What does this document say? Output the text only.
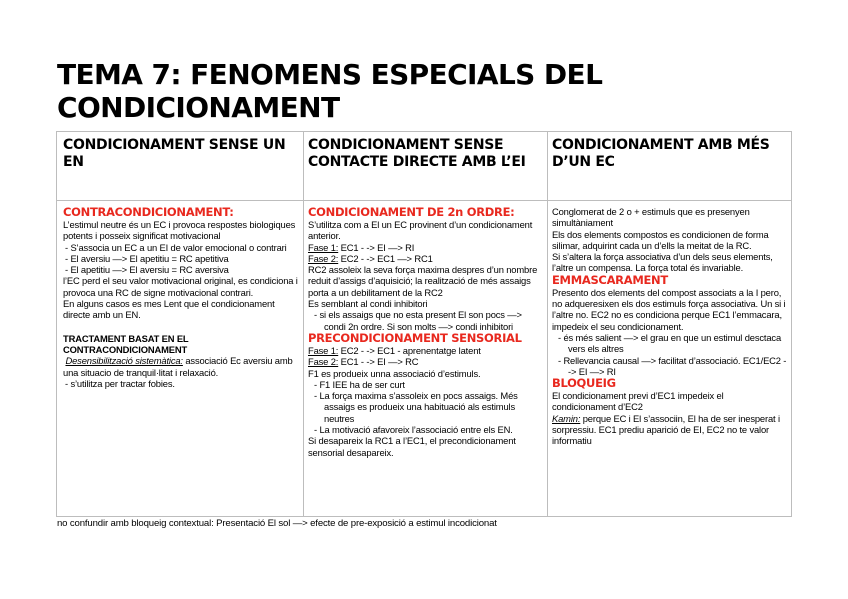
TEMA 7: FENOMENS ESPECIALS DEL CONDICIONAMENT
CONDICIONAMENT SENSE UN EN
CONDICIONAMENT SENSE CONTACTE DIRECTE AMB L’EI
CONDICIONAMENT AMB MÉS D’UN EC

CONTRACONDICIONAMENT:

L’estimul neutre és un EC i provoca respostes biologiques potents i posseix significat motivacional

- S’associa un EC a un EI de valor emocional o contrari

- El aversiu —> El apetitiu = RC apetitiva

- El apetitiu —> El aversiu = RC aversiva

l’EC perd el seu valor motivacional original, es condiciona i provoca una RC de signe motivacional contrari.

En alguns casos es mes Lent que el condicionament directe amb un EN.

TRACTAMENT BASAT EN EL CONTRACONDICIONAMENT

Desensibilització sistemàtica: associació Ec aversiu amb una situacio de tranquil·litat i relaxació.

- s’utilitza per tractar fobies.

CONDICIONAMENT DE 2n ORDRE:

S’utilitza com a El un EC provinent d’un condicionament anterior.

Fase 1: EC1 - -> EI —> RI

Fase 2: EC2 - -> EC1 —> RC1

RC2 assoleix la seva força maxima despres d’un nombre reduit d’assigs d’aquisició; la realització de més assaigs porta a un debilitament de la RC2

Es semblant al condi inhibitori

- si els assaigs que no esta present El son pocs —> condi 2n ordre. Si son molts —> condi inhibitori

PRECONDICIONAMENT SENSORIAL

Fase 1: EC2 - -> EC1 - aprenentatge latent

Fase 2: EC1 - -> EI —> RC

F1 es produeix unna associació d’estimuls.

- F1 IEE ha de ser curt

- La força maxima s’assoleix en pocs assaigs. Més assaigs es produeix una habituació als estimuls neutres

- La motivació afavoreix l’associació entre els EN.

Si desapareix la RC1 a l’EC1, el precondicionament sensorial desapareix.

Conglomerat de 2 o + estimuls que es presenyen simultàniament

Els dos elements compostos es condicionen de forma silimar, adquirint cada un d’ells la meitat de la RC.

Si s’altera la força associativa d’un dels seus elements, l’altre un compensa. La força total és invariable.

EMMASCARAMENT

Presento dos elements del compost associats a la I pero, no adqueresixen els dos estimuls força associativa. Un si i l’altre no. EC2 no es condiciona perque EC1 l’emmacara, impedeix el seu condicionament.

- és més salient —> el grau en que un estimul desctaca vers els altres

- Rellevancia causal —> facilitat d’associació. EC1/EC2 - -> EI —> RI

BLOQUEIG

El condicionament previ d’EC1 impedeix el condicionament d’EC2

Kamin: perque EC i El s’associin, El ha de ser inesperat i sorpressiu. EC1 prediu aparició de EI, EC2 no te valor informatiu

no confundir amb bloqueig contextual: Presentació El sol —> efecte de pre-exposició a estimul incodicionat
